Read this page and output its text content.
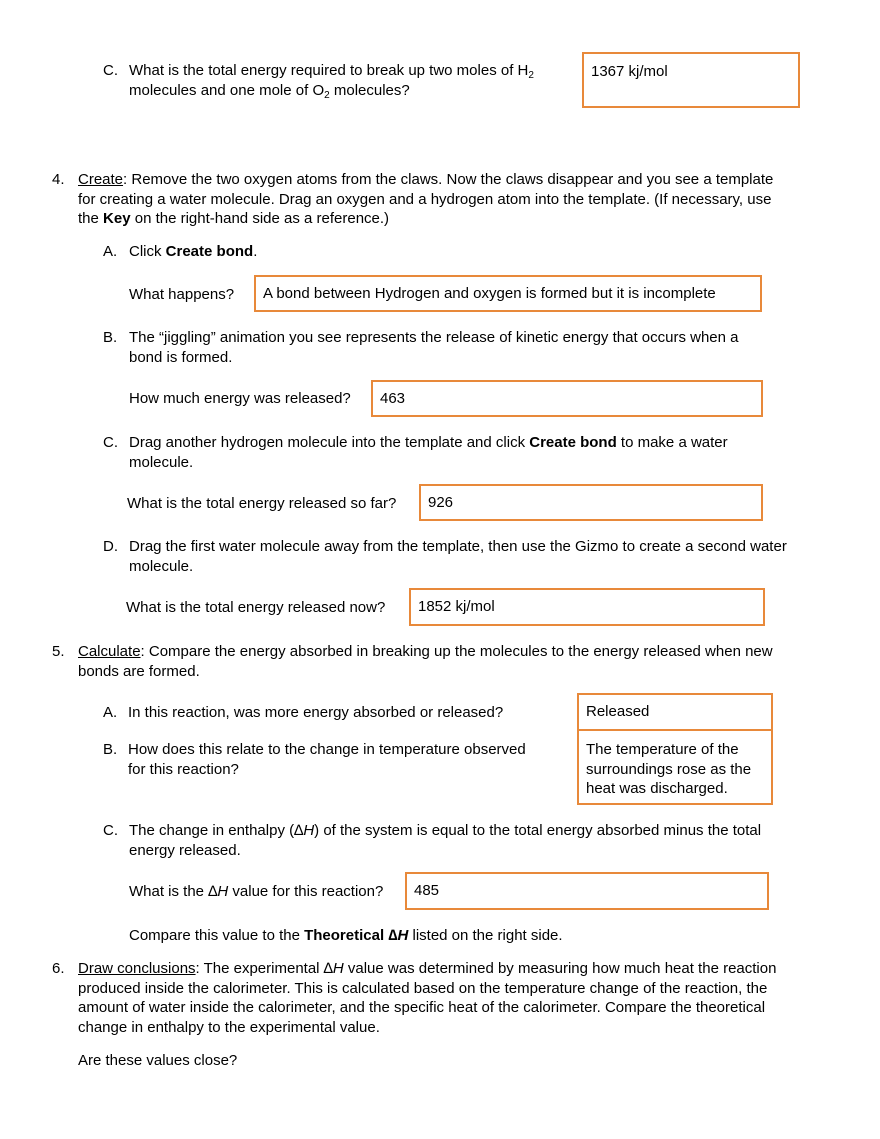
C. What is the total energy required to break up two moles of $H_2$
molecules and one mole of $O_2$ molecules?
1367 kj/mol
4. Create: Remove the two oxygen atoms from the claws. Now the claws disappear and you see a template
for creating a water molecule. Drag an oxygen and a hydrogen atom into the template. (If necessary, use
the Key on the right-hand side as a reference.)
A. Click Create bond.
What happens?	A bond between Hydrogen and oxygen is formed but it is incomplete
B. The “jiggling” animation you see represents the release of kinetic energy that occurs when a
bond is formed.
How much energy was released?	463
C. Drag another hydrogen molecule into the template and click Create bond to make a water
molecule.
What is the total energy released so far?	926
D. Drag the first water molecule away from the template, then use the Gizmo to create a second water
molecule.
What is the total energy released now?	1852 kj/mol
5. Calculate: Compare the energy absorbed in breaking up the molecules to the energy released when new
bonds are formed.
A. In this reaction, was more energy absorbed or released?	Released
B. How does this relate to the change in temperature observed
for this reaction?
The temperature of the
surroundings rose as the
heat was discharged.
C. The change in enthalpy (∆H) of the system is equal to the total energy absorbed minus the total
energy released.
What is the ∆H value for this reaction?	485
Compare this value to the Theoretical ∆H listed on the right side.
6. Draw conclusions: The experimental ∆H value was determined by measuring how much heat the reaction
produced inside the calorimeter. This is calculated based on the temperature change of the reaction, the
amount of water inside the calorimeter, and the specific heat of the calorimeter. Compare the theoretical
change in enthalpy to the experimental value.
Are these values close?
